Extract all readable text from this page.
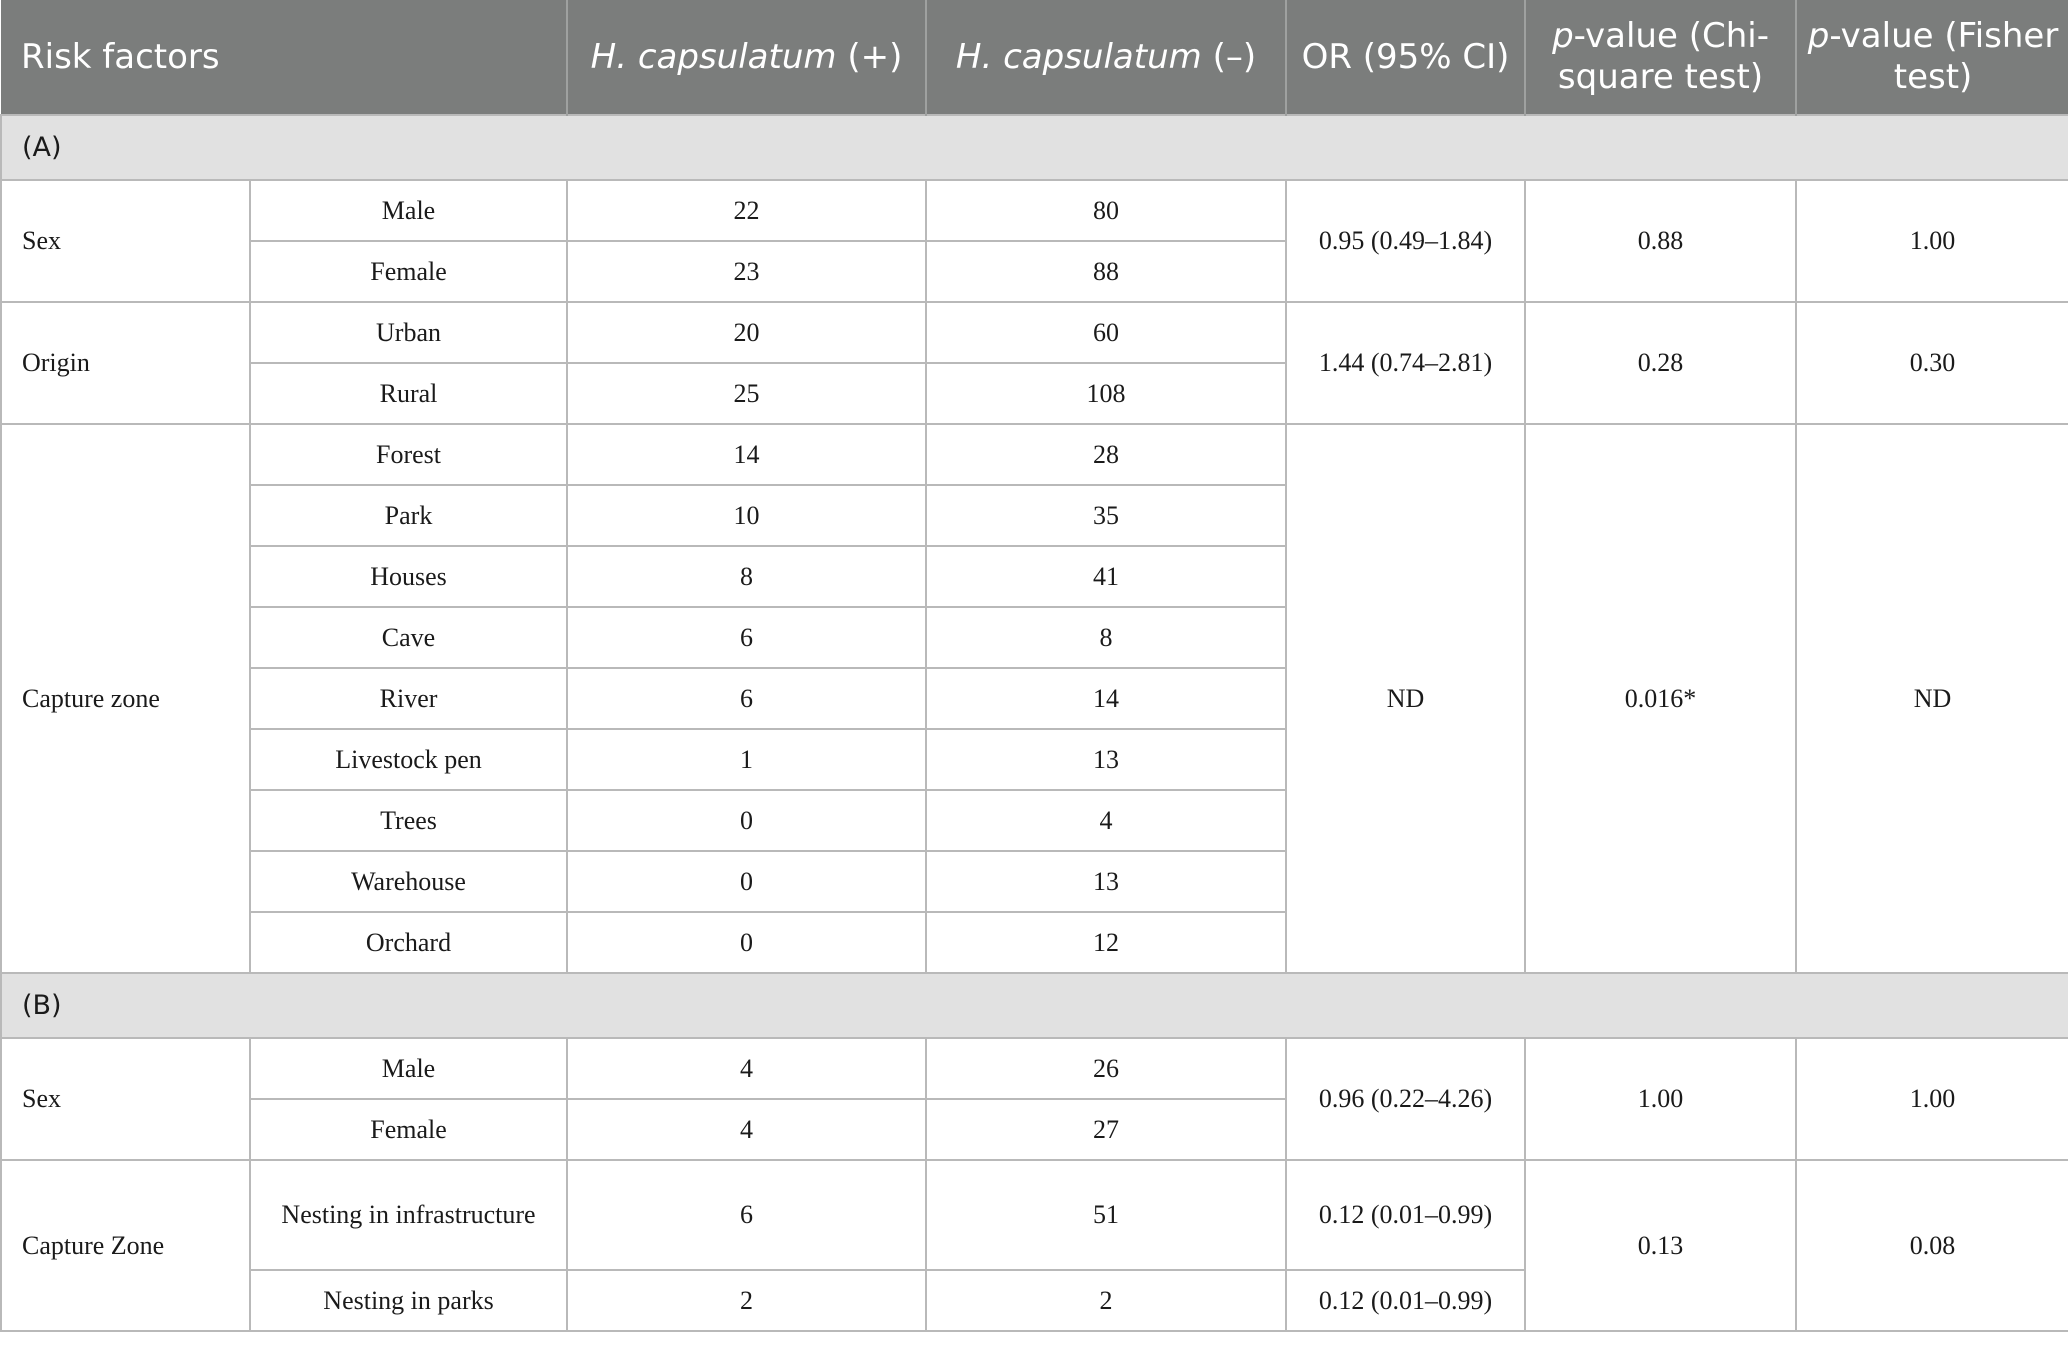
Risk factors		H. capsulatum (+)	H. capsulatum (–)	OR (95% CI)	p-value (Chi-square test)	p-value (Fisher test)
(A)						
Sex	Male	22	80	0.95 (0.49–1.84)	0.88	1.00
	Female	23	88			
Origin	Urban	20	60	1.44 (0.74–2.81)	0.28	0.30
	Rural	25	108			
Capture zone	Forest	14	28	ND	0.016*	ND
	Park	10	35			
	Houses	8	41			
	Cave	6	8			
	River	6	14			
	Livestock pen	1	13			
	Trees	0	4			
	Warehouse	0	13			
	Orchard	0	12			
(B)						
Sex	Male	4	26	0.96 (0.22–4.26)	1.00	1.00
	Female	4	27			
Capture Zone	Nesting in infrastructure	6	51	0.12 (0.01–0.99)	0.13	0.08
	Nesting in parks	2	2	0.12 (0.01–0.99)		
